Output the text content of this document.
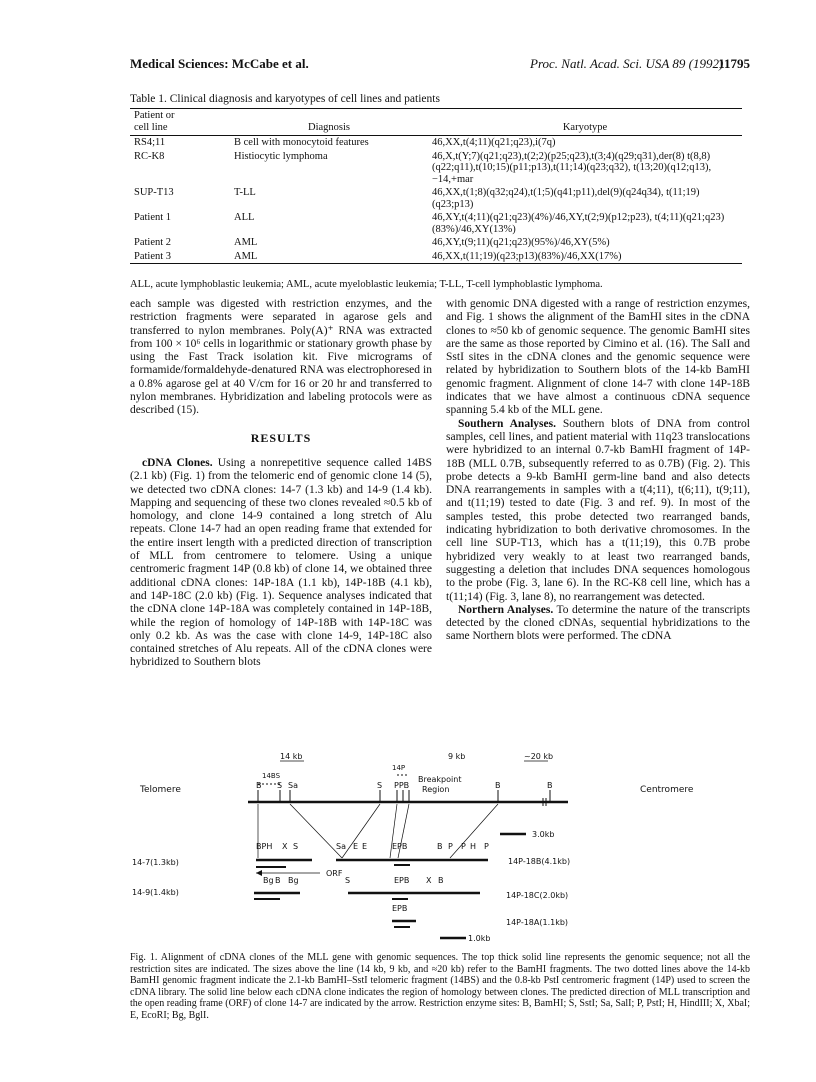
Medical Sciences: McCabe et al.	Proc. Natl. Acad. Sci. USA 89 (1992)
11795
Table 1. Clinical diagnosis and karyotypes of cell lines and patients
Patient or
cell line	Diagnosis	Karyotype
RS4;11	B cell with monocytoid features	46,XX,t(4;11)(q21;q23),i(7q)
RC-K8	Histiocytic lymphoma	46,X,t(Y;7)(q21;q23),t(2;2)(p25;q23),t(3;4)(q29;q31),der(8) t(8,8)(q22;q11),t(10;15)(p11;p13),t(11;14)(q23;q32), t(13;20)(q12;q13),−14,+mar
SUP-T13	T-LL	46,XX,t(1;8)(q32;q24),t(1;5)(q41;p11),del(9)(q24q34), t(11;19)(q23;p13)
Patient 1	ALL	46,XY,t(4;11)(q21;q23)(4%)/46,XY,t(2;9)(p12;p23), t(4;11)(q21;q23)(83%)/46,XY(13%)
Patient 2	AML	46,XY,t(9;11)(q21;q23)(95%)/46,XY(5%)
Patient 3	AML	46,XX,t(11;19)(q23;p13)(83%)/46,XX(17%)
ALL, acute lymphoblastic leukemia; AML, acute myeloblastic leukemia; T-LL, T-cell lymphoblastic lymphoma.

each sample was digested with restriction enzymes, and the restriction fragments were separated in agarose gels and transferred to nylon membranes. Poly(A)⁺ RNA was extracted from 100 × 10⁶ cells in logarithmic or stationary growth phase by using the Fast Track isolation kit. Five micrograms of formamide/formaldehyde-denatured RNA was electrophoresed in a 0.8% agarose gel at 40 V/cm for 16 or 20 hr and transferred to nylon membranes. Hybridization and labeling protocols were as described (15).

RESULTS

cDNA Clones. Using a nonrepetitive sequence called 14BS (2.1 kb) (Fig. 1) from the telomeric end of genomic clone 14 (5), we detected two cDNA clones: 14-7 (1.3 kb) and 14-9 (1.4 kb). Mapping and sequencing of these two clones revealed ≈0.5 kb of homology, and clone 14-9 contained a long stretch of Alu repeats. Clone 14-7 had an open reading frame that extended for the entire insert length with a predicted direction of transcription of MLL from centromere to telomere. Using a unique centromeric fragment 14P (0.8 kb) of clone 14, we obtained three additional cDNA clones: 14P-18A (1.1 kb), 14P-18B (4.1 kb), and 14P-18C (2.0 kb) (Fig. 1). Sequence analyses indicated that the cDNA clone 14P-18A was completely contained in 14P-18B, while the region of homology of 14P-18B with 14P-18C was only 0.2 kb. As was the case with clone 14-9, 14P-18C also contained stretches of Alu repeats. All of the cDNA clones were hybridized to Southern blots

with genomic DNA digested with a range of restriction enzymes, and Fig. 1 shows the alignment of the BamHI sites in the cDNA clones to ≈50 kb of genomic sequence. The genomic BamHI sites are the same as those reported by Cimino et al. (16). The SalI and SstI sites in the cDNA clones and the genomic sequence were related by hybridization to Southern blots of the 14-kb BamHI genomic fragment. Alignment of clone 14-7 with clone 14P-18B indicates that we have almost a continuous cDNA sequence spanning 5.4 kb of the MLL gene.

Southern Analyses. Southern blots of DNA from control samples, cell lines, and patient material with 11q23 translocations were hybridized to an internal 0.7-kb BamHI fragment of 14P-18B (MLL 0.7B, subsequently referred to as 0.7B) (Fig. 2). This probe detects a 9-kb BamHI germ-line band and also detects DNA rearrangements in samples with a t(4;11), t(6;11), t(9;11), and t(11;19) tested to date (Fig. 3 and ref. 9). In most of the samples tested, this probe detected two rearranged bands, indicating hybridization to both derivative chromosomes. In the cell line SUP-T13, which has a t(11;19), this 0.7B probe hybridized very weakly to at least two rearranged bands, suggesting a deletion that includes DNA sequences homologous to the probe (Fig. 3, lane 6). In the RC-K8 cell line, which has a t(11;14) (Fig. 3, lane 8), no rearrangement was detected.

Northern Analyses. To determine the nature of the transcripts detected by the cloned cDNAs, sequential hybridizations to the same Northern blots were performed. The cDNA

14 kb	9 kb	~20 kb
Telomere	Centromere
14BS
14P
Breakpoint
Region
B S Sa	S PPB	B	B
3.0kb
14-7(1.3kb)
BPH X S
ORF
Sa E E	EPB	B P P H P
14P-18B(4.1kb)
14-9(1.4kb)
Bg B Bg	S	EPB X B
14P-18C(2.0kb)
EPB
14P-18A(1.1kb)
1.0kb
Fig. 1. Alignment of cDNA clones of the MLL gene with genomic sequences. The top thick solid line represents the genomic sequence; not all the restriction sites are indicated. The sizes above the line (14 kb, 9 kb, and ≈20 kb) refer to the BamHI fragments. The two dotted lines above the 14-kb BamHI genomic fragment indicate the 2.1-kb BamHI–SstI telomeric fragment (14BS) and the 0.8-kb PstI centromeric fragment (14P) used to screen the cDNA library. The solid line below each cDNA clone indicates the region of homology between clones. The predicted direction of MLL transcription and the open reading frame (ORF) of clone 14-7 are indicated by the arrow. Restriction enzyme sites: B, BamHI; S, SstI; Sa, SalI; P, PstI; H, HindIII; X, XbaI; E, EcoRI; Bg, BglI.
